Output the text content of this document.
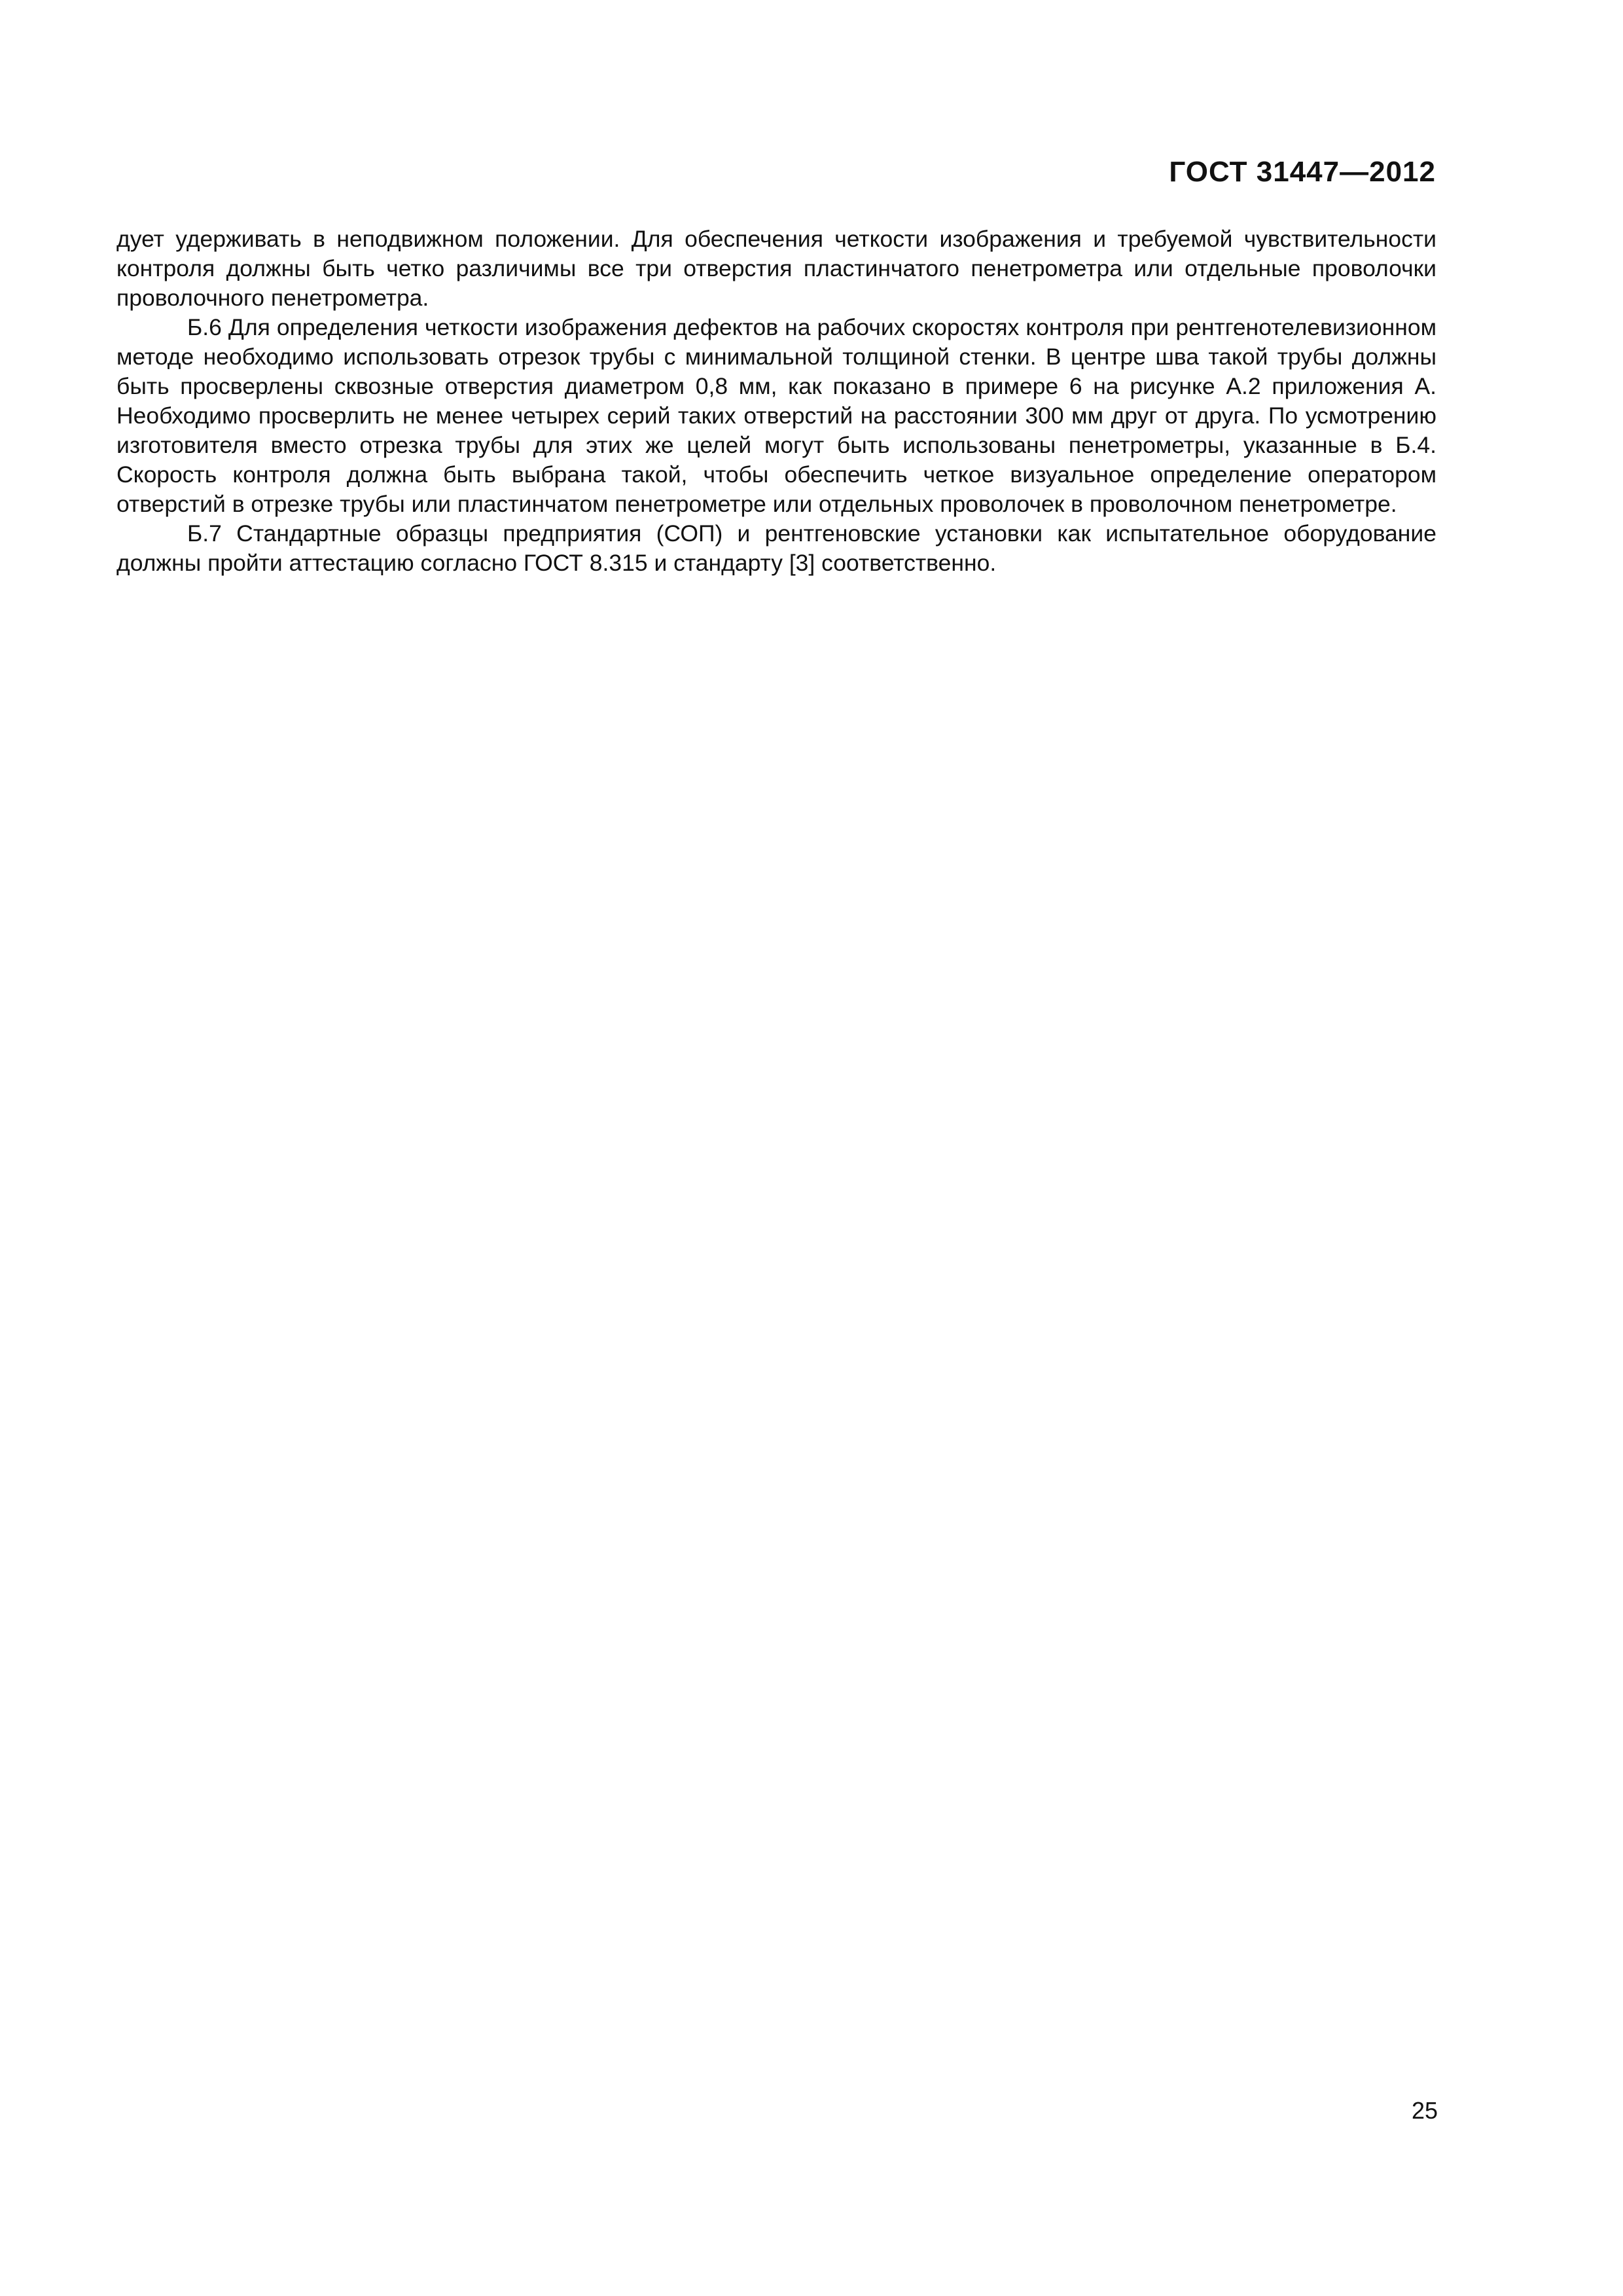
ГОСТ 31447—2012

дует удерживать в неподвижном положении. Для обеспечения четкости изображения и требуемой чувствительности контроля должны быть четко различимы все три отверстия пластинчатого пенетрометра или отдельные проволочки проволочного пенетрометра.

Б.6 Для определения четкости изображения дефектов на рабочих скоростях контроля при рентгенотелевизионном методе необходимо использовать отрезок трубы с минимальной толщиной стенки. В центре шва такой трубы должны быть просверлены сквозные отверстия диаметром 0,8 мм, как показано в примере 6 на рисунке А.2 приложения А. Необходимо просверлить не менее четырех серий таких отверстий на расстоянии 300 мм друг от друга. По усмотрению изготовителя вместо отрезка трубы для этих же целей могут быть использованы пенетрометры, указанные в Б.4. Скорость контроля должна быть выбрана такой, чтобы обеспечить четкое визуальное определение оператором отверстий в отрезке трубы или пластинчатом пенетрометре или отдельных проволочек в проволочном пенетрометре.

Б.7 Стандартные образцы предприятия (СОП) и рентгеновские установки как испытательное оборудование должны пройти аттестацию согласно ГОСТ 8.315 и стандарту [3] соответственно.

25
